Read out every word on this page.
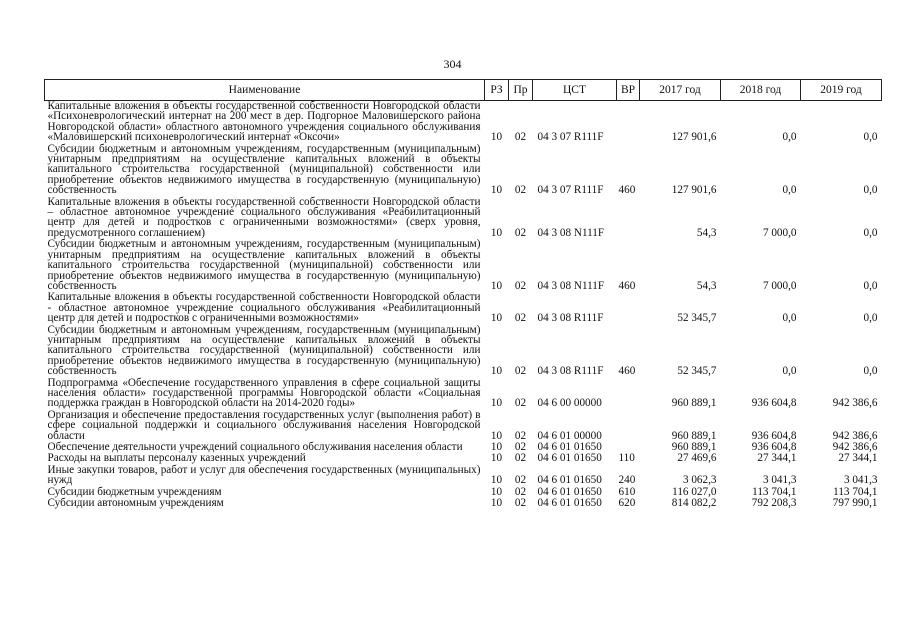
304
Наименование	РЗ	Пр	ЦСТ	ВР	2017 год	2018 год	2019 год
Капитальные вложения в объекты государственной собственности Новгородской области «Психоневрологический интернат на 200 мест в дер. Подгорное Маловишерского района Новгородской области» областного автономного учреждения социального обслуживания «Маловишерский психоневрологический интернат «Оксочи»	10	02	04 3 07 R111F		127 901,6	0,0	0,0
Субсидии бюджетным и автономным учреждениям, государственным (муниципальным) унитарным предприятиям на осуществление капитальных вложений в объекты капитального строительства государственной (муниципальной) собственности или приобретение объектов недвижимого имущества в государственную (муниципальную) собственность	10	02	04 3 07 R111F	460	127 901,6	0,0	0,0
Капитальные вложения в объекты государственной собственности Новгородской области – областное автономное учреждение социального обслуживания «Реабилитационный центр для детей и подростков с ограниченными возможностями» (сверх уровня, предусмотренного соглашением)	10	02	04 3 08 N111F		54,3	7 000,0	0,0
Субсидии бюджетным и автономным учреждениям, государственным (муниципальным) унитарным предприятиям на осуществление капитальных вложений в объекты капитального строительства государственной (муниципальной) собственности или приобретение объектов недвижимого имущества в государственную (муниципальную) собственность	10	02	04 3 08 N111F	460	54,3	7 000,0	0,0
Капитальные вложения в объекты государственной собственности Новгородской области - областное автономное учреждение социального обслуживания «Реабилитационный центр для детей и подростков с ограниченными возможностями»	10	02	04 3 08 R111F		52 345,7	0,0	0,0
Субсидии бюджетным и автономным учреждениям, государственным (муниципальным) унитарным предприятиям на осуществление капитальных вложений в объекты капитального строительства государственной (муниципальной) собственности или приобретение объектов недвижимого имущества в государственную (муниципальную) собственность	10	02	04 3 08 R111F	460	52 345,7	0,0	0,0
Подпрограмма «Обеспечение государственного управления в сфере социальной защиты населения области» государственной программы Новгородской области «Социальная поддержка граждан в Новгородской области на 2014-2020 годы»	10	02	04 6 00 00000		960 889,1	936 604,8	942 386,6
Организация и обеспечение предоставления государственных услуг (выполнения работ) в сфере социальной поддержки и социального обслуживания населения Новгородской области	10	02	04 6 01 00000		960 889,1	936 604,8	942 386,6
Обеспечение деятельности учреждений социального обслуживания населения области	10	02	04 6 01 01650		960 889,1	936 604,8	942 386,6
Расходы на выплаты персоналу казенных учреждений	10	02	04 6 01 01650	110	27 469,6	27 344,1	27 344,1
Иные закупки товаров, работ и услуг для обеспечения государственных (муниципальных) нужд	10	02	04 6 01 01650	240	3 062,3	3 041,3	3 041,3
Субсидии бюджетным учреждениям	10	02	04 6 01 01650	610	116 027,0	113 704,1	113 704,1
Субсидии автономным учреждениям	10	02	04 6 01 01650	620	814 082,2	792 208,3	797 990,1
